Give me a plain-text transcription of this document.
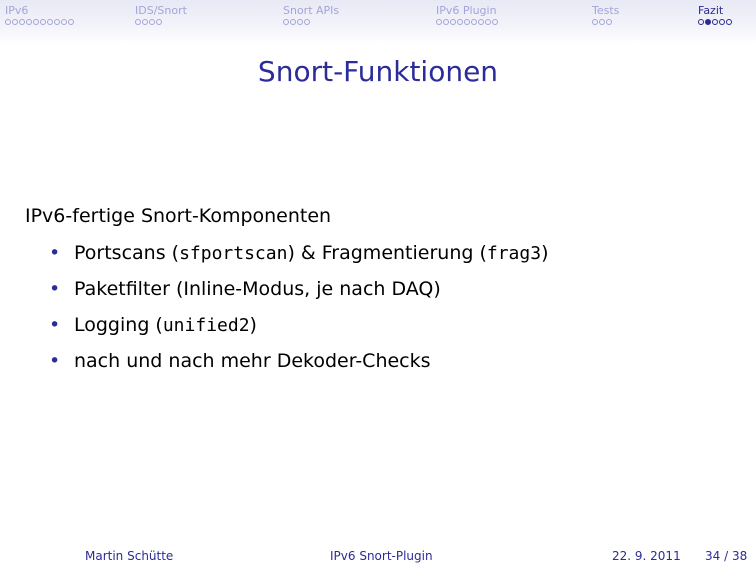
IPv6	IDS/Snort	Snort APIs	IPv6 Plugin	Tests	Fazit
Snort-Funktionen
IPv6-fertige Snort-Komponenten
• Portscans (sfportscan) & Fragmentierung (frag3)
• Paketfilter (Inline-Modus, je nach DAQ)
• Logging (unified2)
• nach und nach mehr Dekoder-Checks
Martin Schütte	IPv6 Snort-Plugin	22. 9. 2011 34 / 38
